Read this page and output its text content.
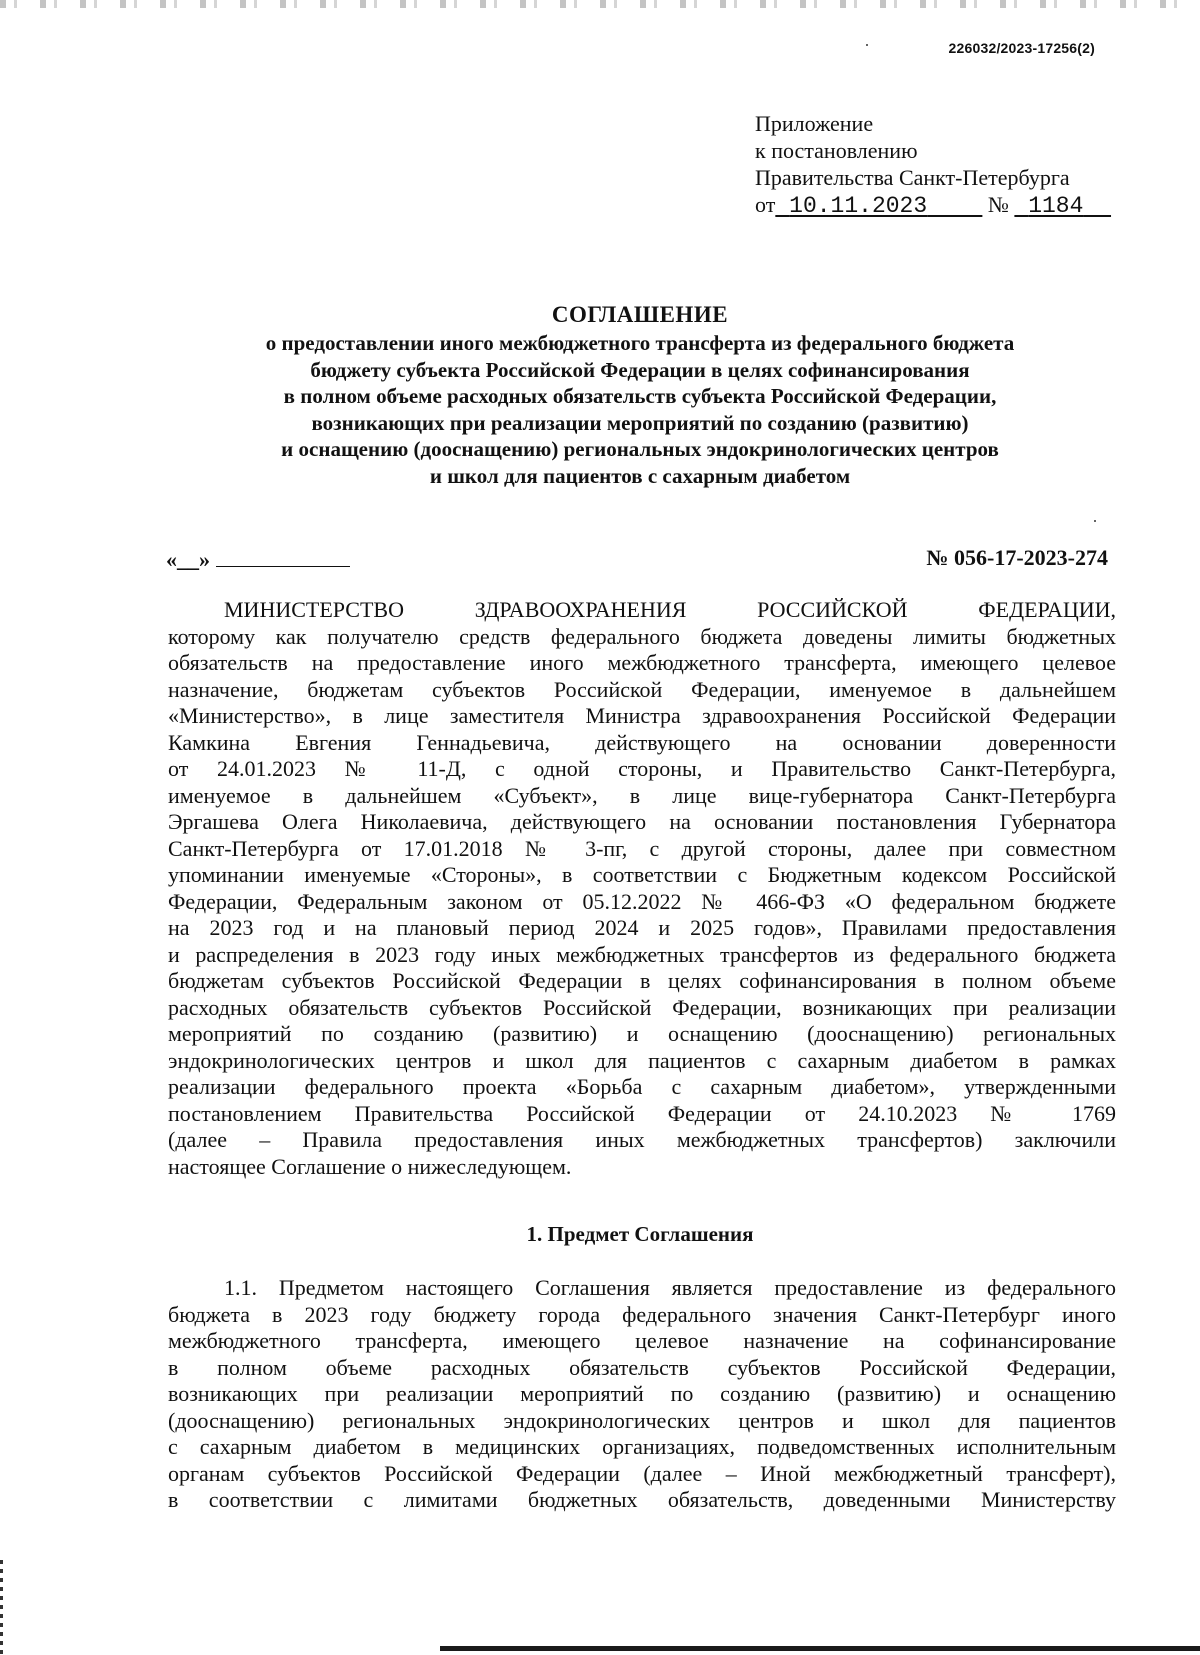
226032/2023-17256(2)
Приложение
к постановлению
Правительства Санкт-Петербурга
от 10.11.2023	№ 1184
СОГЛАШЕНИЕ
о предоставлении иного межбюджетного трансферта из федерального бюджета
бюджету субъекта Российской Федерации в целях софинансирования
в полном объеме расходных обязательств субъекта Российской Федерации,
возникающих при реализации мероприятий по созданию (развитию)
и оснащению (дооснащению) региональных эндокринологических центров
и школ для пациентов с сахарным диабетом
«__»	№ 056-17-2023-274
МИНИСТЕРСТВО ЗДРАВООХРАНЕНИЯ РОССИЙСКОЙ ФЕДЕРАЦИИ,
которому как получателю средств федерального бюджета доведены лимиты бюджетных
обязательств на предоставление иного межбюджетного трансферта, имеющего целевое
назначение, бюджетам субъектов Российской Федерации, именуемое в дальнейшем
«Министерство», в лице заместителя Министра здравоохранения Российской Федерации
Камкина Евгения Геннадьевича, действующего на основании доверенности
от 24.01.2023 № 11-Д, с одной стороны, и Правительство Санкт-Петербурга,
именуемое в дальнейшем «Субъект», в лице вице-губернатора Санкт-Петербурга
Эргашева Олега Николаевича, действующего на основании постановления Губернатора
Санкт-Петербурга от 17.01.2018 № 3-пг, с другой стороны, далее при совместном
упоминании именуемые «Стороны», в соответствии с Бюджетным кодексом Российской
Федерации, Федеральным законом от 05.12.2022 № 466-ФЗ «О федеральном бюджете
на 2023 год и на плановый период 2024 и 2025 годов», Правилами предоставления
и распределения в 2023 году иных межбюджетных трансфертов из федерального бюджета
бюджетам субъектов Российской Федерации в целях софинансирования в полном объеме
расходных обязательств субъектов Российской Федерации, возникающих при реализации
мероприятий по созданию (развитию) и оснащению (дооснащению) региональных
эндокринологических центров и школ для пациентов с сахарным диабетом в рамках
реализации федерального проекта «Борьба с сахарным диабетом», утвержденными
постановлением Правительства Российской Федерации от 24.10.2023 № 1769
(далее – Правила предоставления иных межбюджетных трансфертов) заключили
настоящее Соглашение о нижеследующем.
1. Предмет Соглашения
1.1. Предметом настоящего Соглашения является предоставление из федерального
бюджета в 2023 году бюджету города федерального значения Санкт-Петербург иного
межбюджетного трансферта, имеющего целевое назначение на софинансирование
в полном объеме расходных обязательств субъектов Российской Федерации,
возникающих при реализации мероприятий по созданию (развитию) и оснащению
(дооснащению) региональных эндокринологических центров и школ для пациентов
с сахарным диабетом в медицинских организациях, подведомственных исполнительным
органам субъектов Российской Федерации (далее – Иной межбюджетный трансферт),
в соответствии с лимитами бюджетных обязательств, доведенными Министерству
